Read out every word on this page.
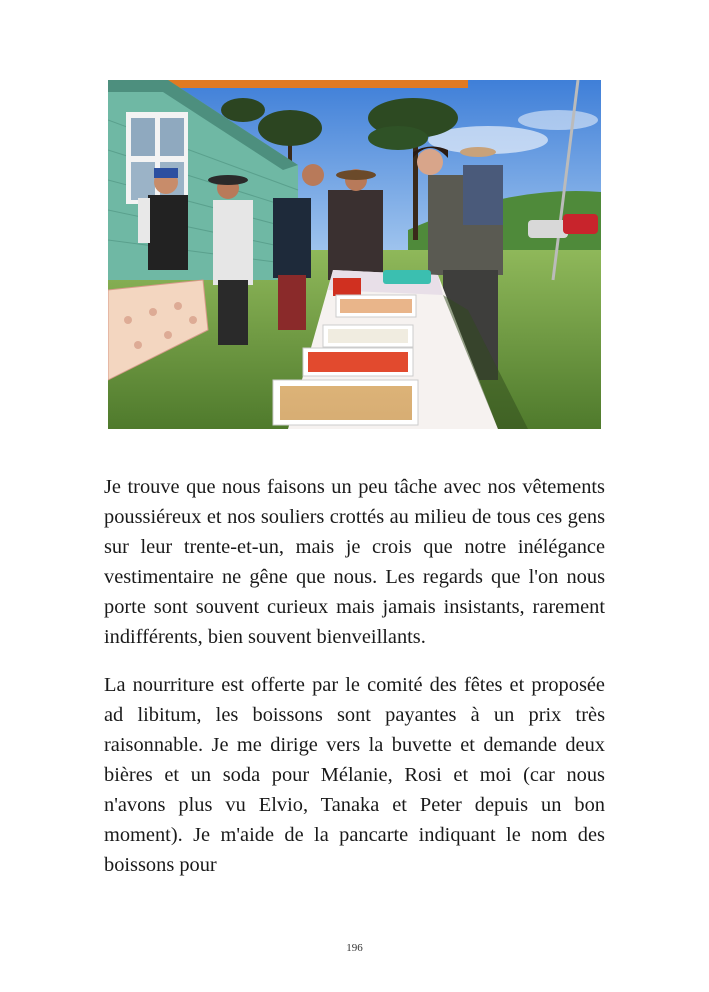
Je trouve que nous faisons un peu tâche avec nos vêtements poussiéreux et nos souliers crottés au milieu de tous ces gens sur leur trente-et-un, mais je crois que notre inélégance vestimentaire ne gêne que nous. Les regards que l'on nous porte sont souvent curieux mais jamais insistants, rarement indifférents, bien souvent bienveillants.

La nourriture est offerte par le comité des fêtes et proposée ad libitum, les boissons sont payantes à un prix très raisonnable. Je me dirige vers la buvette et demande deux bières et un soda pour Mélanie, Rosi et moi (car nous n'avons plus vu Elvio, Tanaka et Peter depuis un bon moment). Je m'aide de la pancarte indiquant le nom des boissons pour

196
